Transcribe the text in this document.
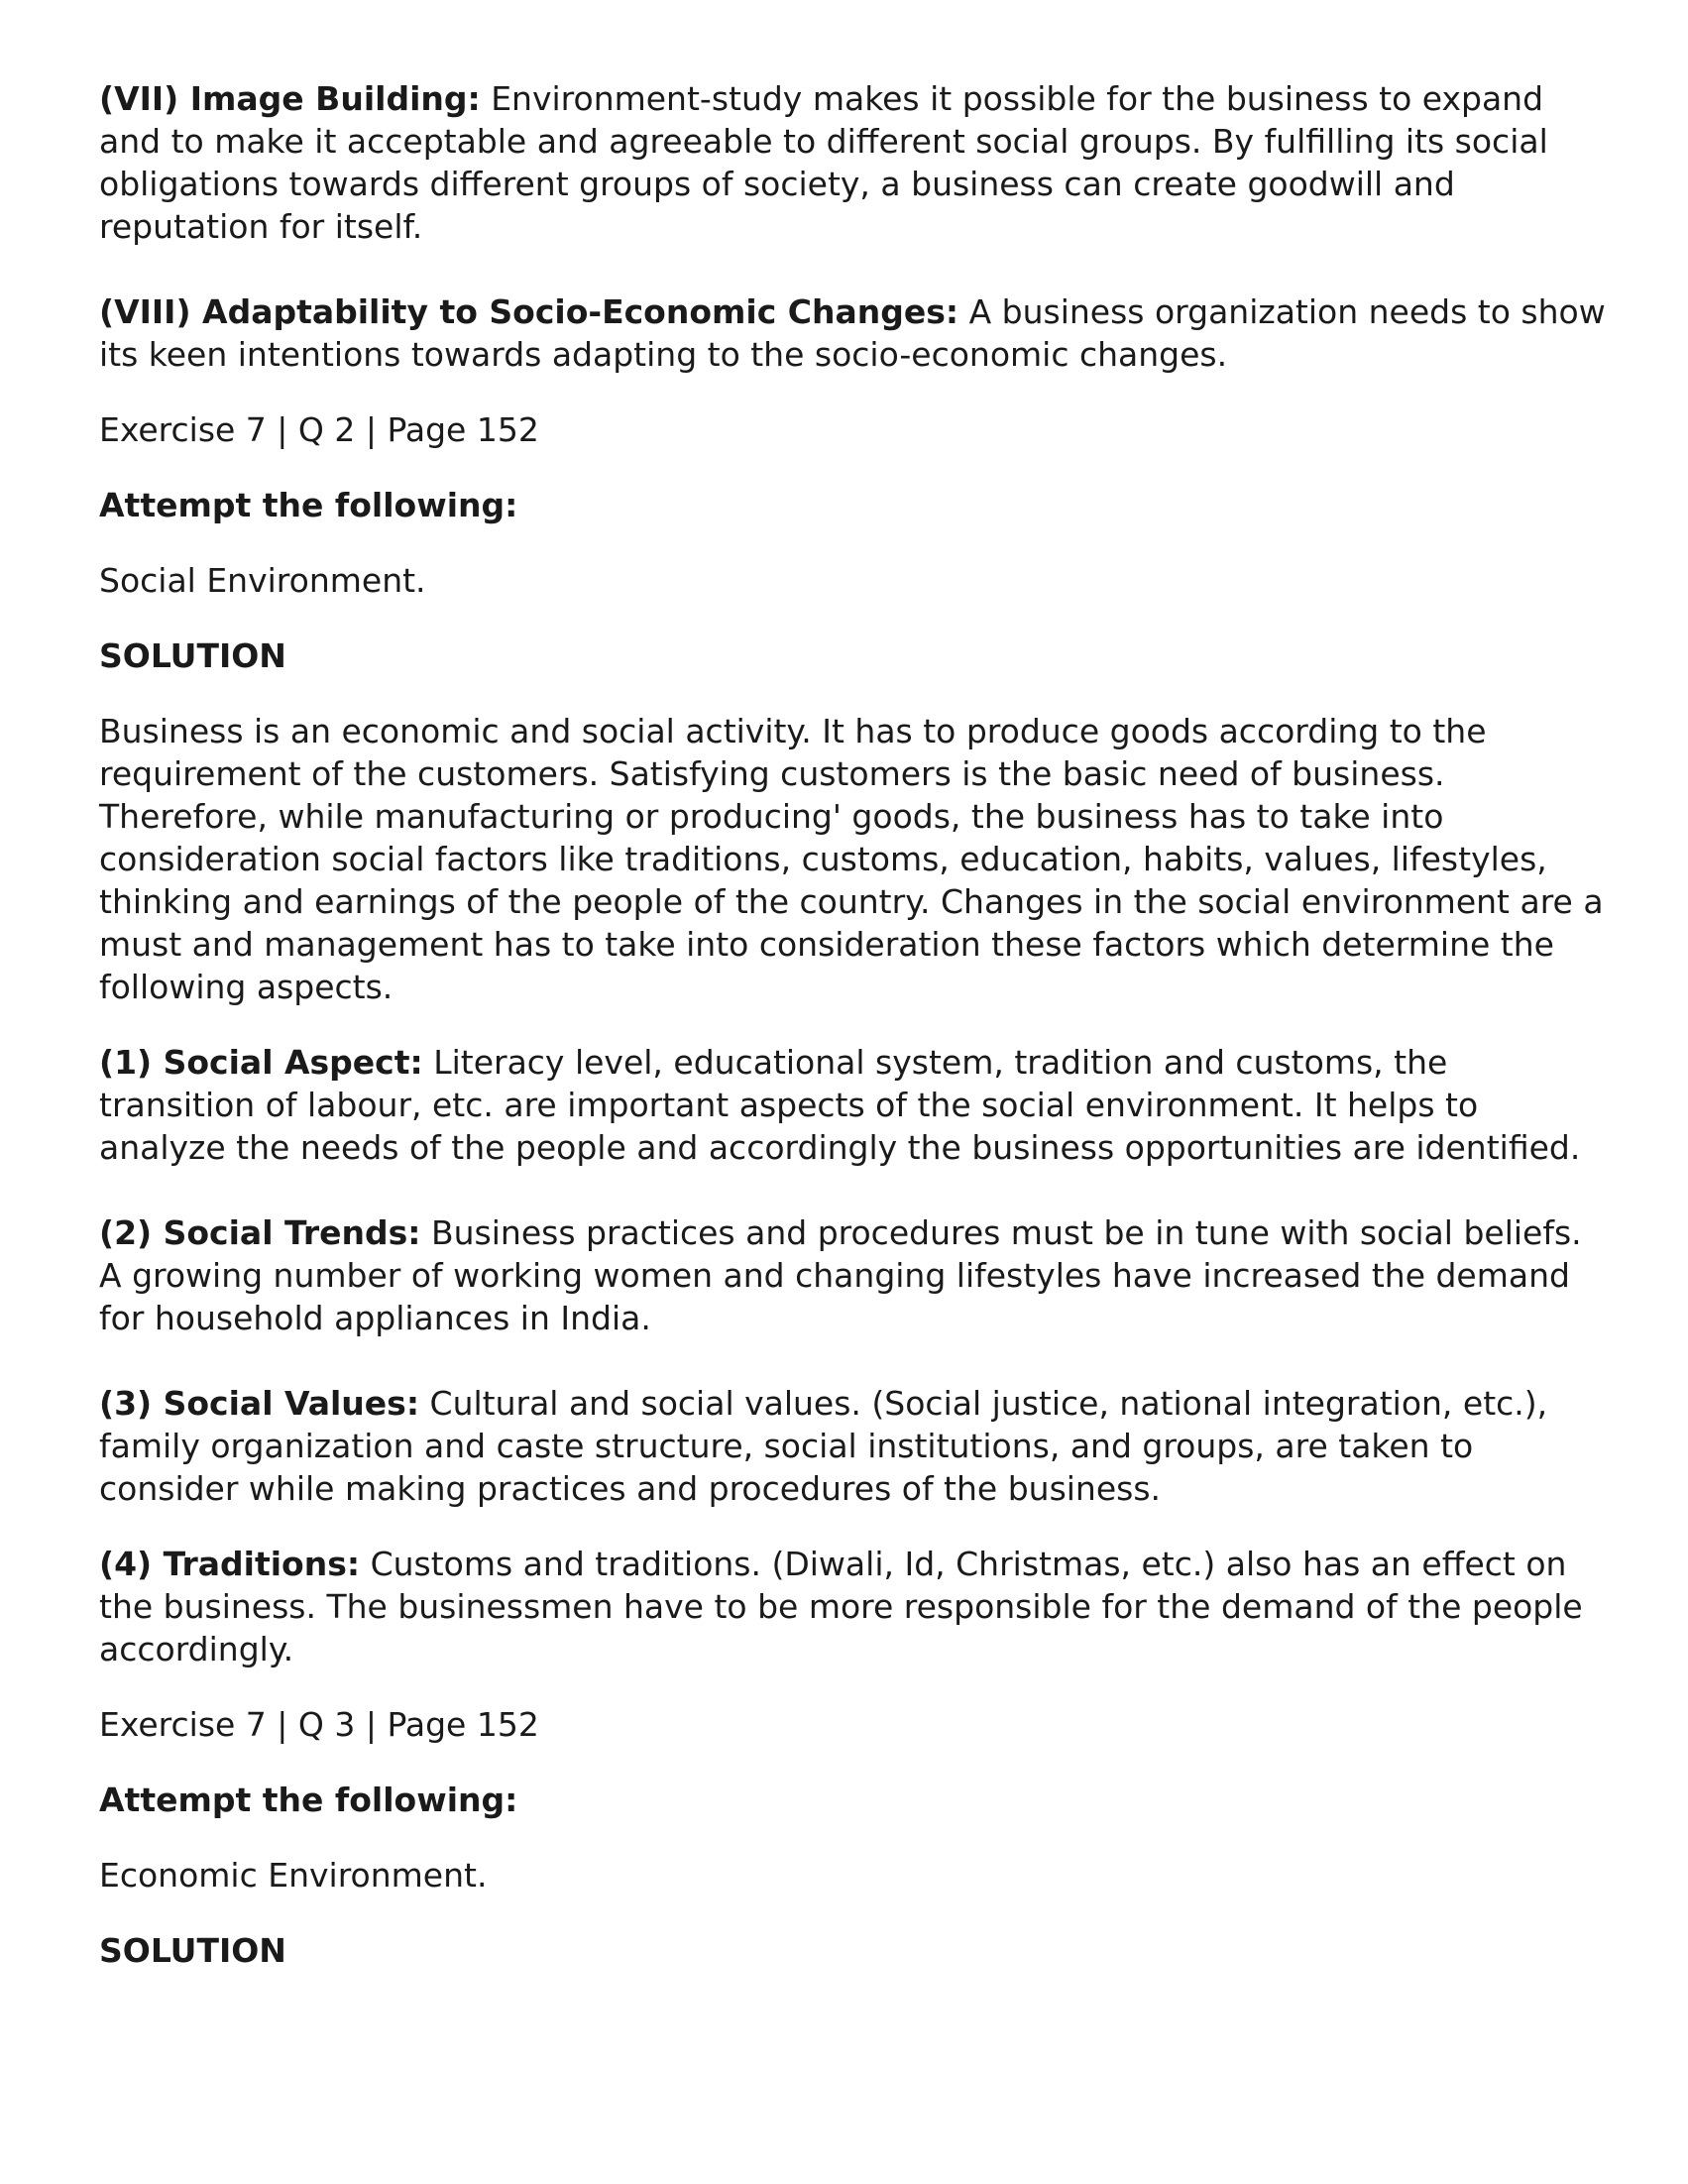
(VII) Image Building: Environment-study makes it possible for the business to expand and to make it acceptable and agreeable to different social groups. By fulfilling its social obligations towards different groups of society, a business can create goodwill and reputation for itself.

(VIII) Adaptability to Socio-Economic Changes: A business organization needs to show its keen intentions towards adapting to the socio-economic changes.

Exercise 7 | Q 2 | Page 152

Attempt the following:

Social Environment.

SOLUTION

Business is an economic and social activity. It has to produce goods according to the requirement of the customers. Satisfying customers is the basic need of business. Therefore, while manufacturing or producing' goods, the business has to take into consideration social factors like traditions, customs, education, habits, values, lifestyles, thinking and earnings of the people of the country. Changes in the social environment are a must and management has to take into consideration these factors which determine the following aspects.

(1) Social Aspect: Literacy level, educational system, tradition and customs, the transition of labour, etc. are important aspects of the social environment. It helps to analyze the needs of the people and accordingly the business opportunities are identified.

(2) Social Trends: Business practices and procedures must be in tune with social beliefs. A growing number of working women and changing lifestyles have increased the demand for household appliances in India.

(3) Social Values: Cultural and social values. (Social justice, national integration, etc.), family organization and caste structure, social institutions, and groups, are taken to consider while making practices and procedures of the business.

(4) Traditions: Customs and traditions. (Diwali, Id, Christmas, etc.) also has an effect on the business. The businessmen have to be more responsible for the demand of the people accordingly.

Exercise 7 | Q 3 | Page 152

Attempt the following:

Economic Environment.

SOLUTION
